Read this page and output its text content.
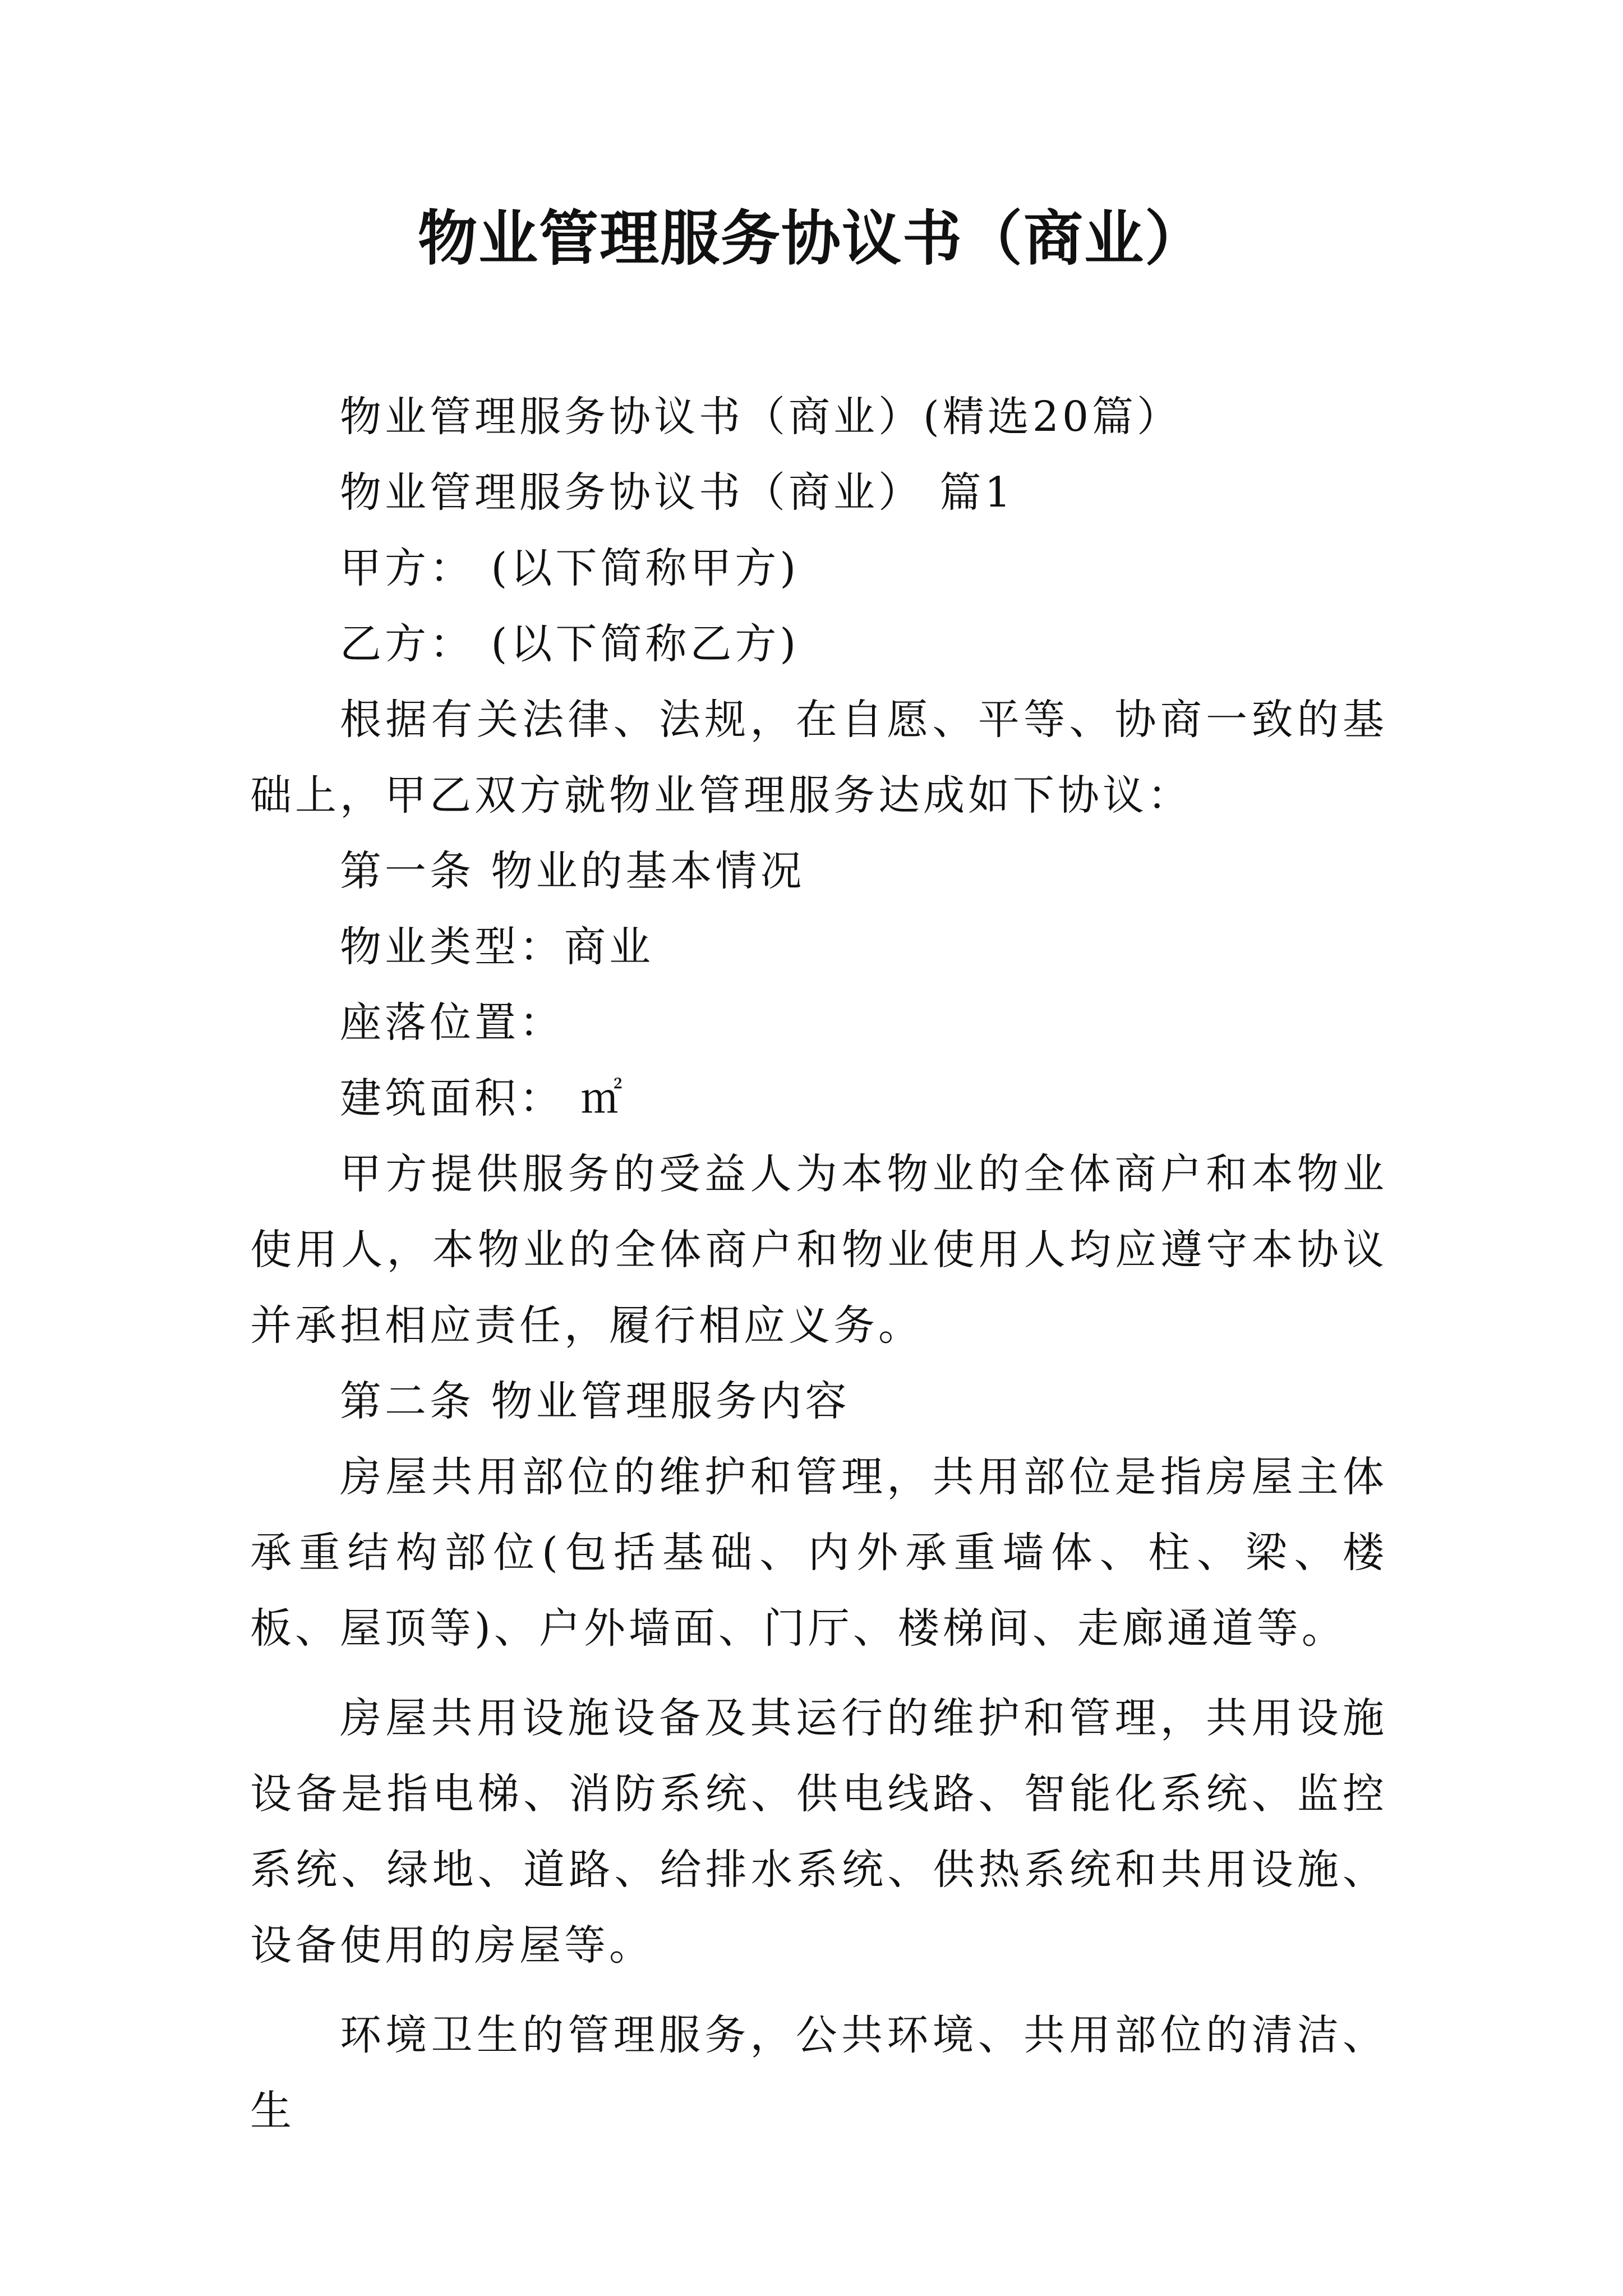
物业管理服务协议书（商业）

物业管理服务协议书（商业）(精选20篇）

物业管理服务协议书（商业） 篇1

甲方： (以下简称甲方)

乙方： (以下简称乙方)

根据有关法律、法规，在自愿、平等、协商一致的基础上，甲乙双方就物业管理服务达成如下协议：

第一条 物业的基本情况

物业类型：商业

座落位置：

建筑面积： ㎡

甲方提供服务的受益人为本物业的全体商户和本物业使用人，本物业的全体商户和物业使用人均应遵守本协议并承担相应责任，履行相应义务。

第二条 物业管理服务内容

房屋共用部位的维护和管理，共用部位是指房屋主体承重结构部位(包括基础、内外承重墙体、柱、梁、楼板、屋顶等)、户外墙面、门厅、楼梯间、走廊通道等。

房屋共用设施设备及其运行的维护和管理，共用设施设备是指电梯、消防系统、供电线路、智能化系统、监控系统、绿地、道路、给排水系统、供热系统和共用设施、设备使用的房屋等。

环境卫生的管理服务，公共环境、共用部位的清洁、生
